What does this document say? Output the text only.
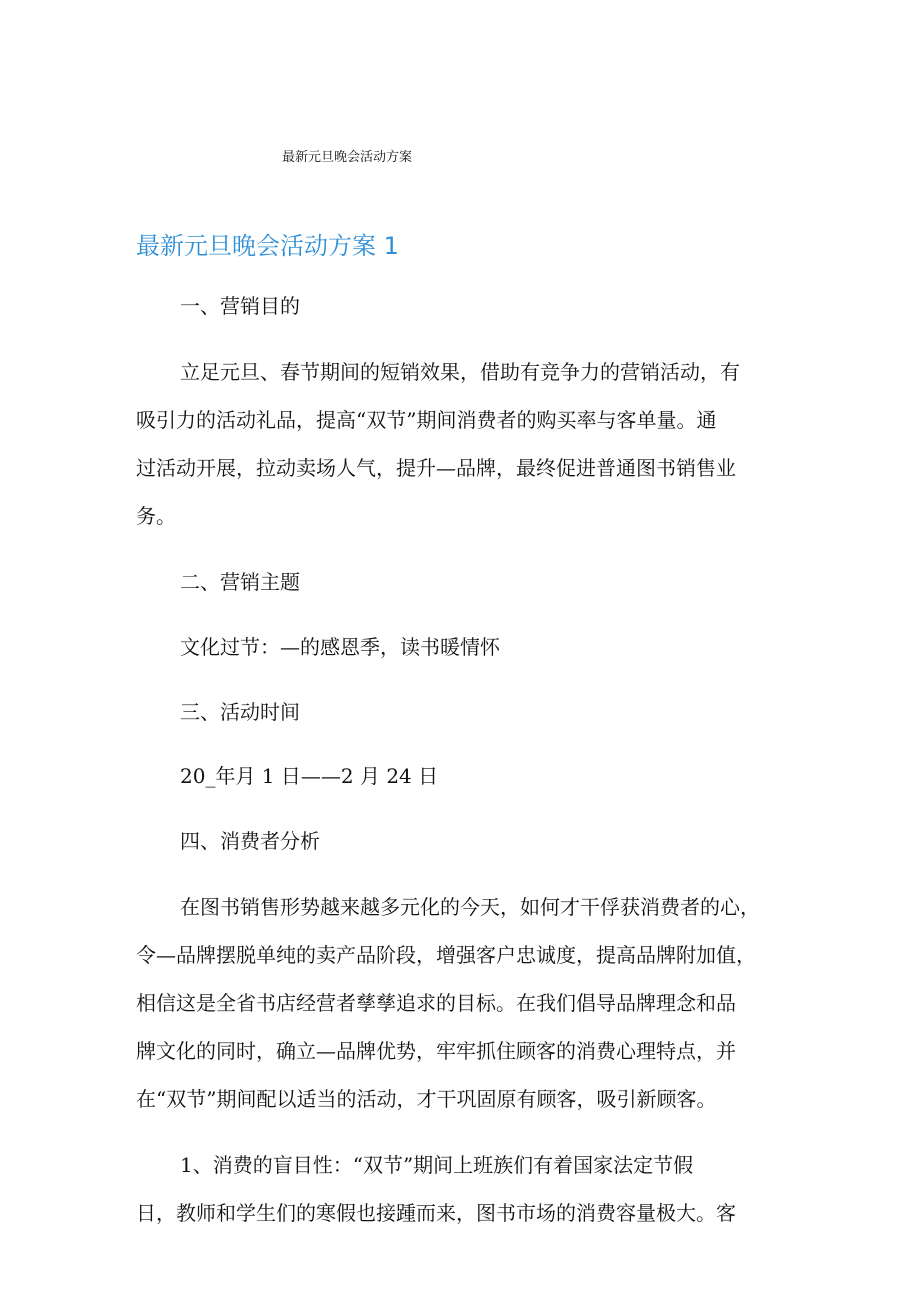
最新元旦晚会活动方案
最新元旦晚会活动方案 1
一、营销目的
立足元旦、春节期间的短销效果，借助有竞争力的营销活动，有
吸引力的活动礼品，提高“双节”期间消费者的购买率与客单量。通
过活动开展，拉动卖场人气，提升—品牌，最终促进普通图书销售业
务。
二、营销主题
文化过节：—的感恩季，读书暖情怀
三、活动时间
20_年月 1 日——2 月 24 日
四、消费者分析
在图书销售形势越来越多元化的今天，如何才干俘获消费者的心，
令—品牌摆脱单纯的卖产品阶段，增强客户忠诚度，提高品牌附加值，
相信这是全省书店经营者孳孳追求的目标。在我们倡导品牌理念和品
牌文化的同时，确立—品牌优势，牢牢抓住顾客的消费心理特点，并
在“双节”期间配以适当的活动，才干巩固原有顾客，吸引新顾客。
1、消费的盲目性：“双节”期间上班族们有着国家法定节假
日，教师和学生们的寒假也接踵而来，图书市场的消费容量极大。客
